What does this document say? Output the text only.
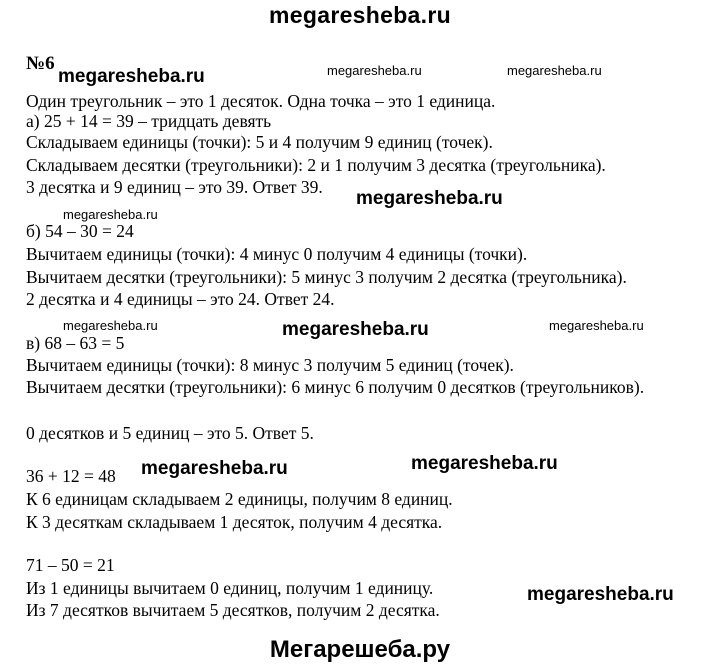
megaresheba.ru
Мегарешеба.ру
№6
Один треугольник – это 1 десяток. Одна точка – это 1 единица.
а) 25 + 14 = 39 – тридцать девять
Складываем единицы (точки): 5 и 4 получим 9 единиц (точек).
Складываем десятки (треугольники): 2 и 1 получим 3 десятка (треугольника).
3 десятка и 9 единиц – это 39. Ответ 39.
б) 54 – 30 = 24
Вычитаем единицы (точки): 4 минус 0 получим 4 единицы (точки).
Вычитаем десятки (треугольники): 5 минус 3 получим 2 десятка (треугольника).
2 десятка и 4 единицы – это 24. Ответ 24.
в) 68 – 63 = 5
Вычитаем единицы (точки): 8 минус 3 получим 5 единиц (точек).
Вычитаем десятки (треугольники): 6 минус 6 получим 0 десятков (треугольников).
0 десятков и 5 единиц – это 5. Ответ 5.
36 + 12 = 48
К 6 единицам складываем 2 единицы, получим 8 единиц.
К 3 десяткам складываем 1 десяток, получим 4 десятка.
71 – 50 = 21
Из 1 единицы вычитаем 0 единиц, получим 1 единицу.
Из 7 десятков вычитаем 5 десятков, получим 2 десятка.
megaresheba.ru	megaresheba.ru	megaresheba.ru
megaresheba.ru
megaresheba.ru
megaresheba.ru	megaresheba.ru	megaresheba.ru
megaresheba.ru	megaresheba.ru
megaresheba.ru
